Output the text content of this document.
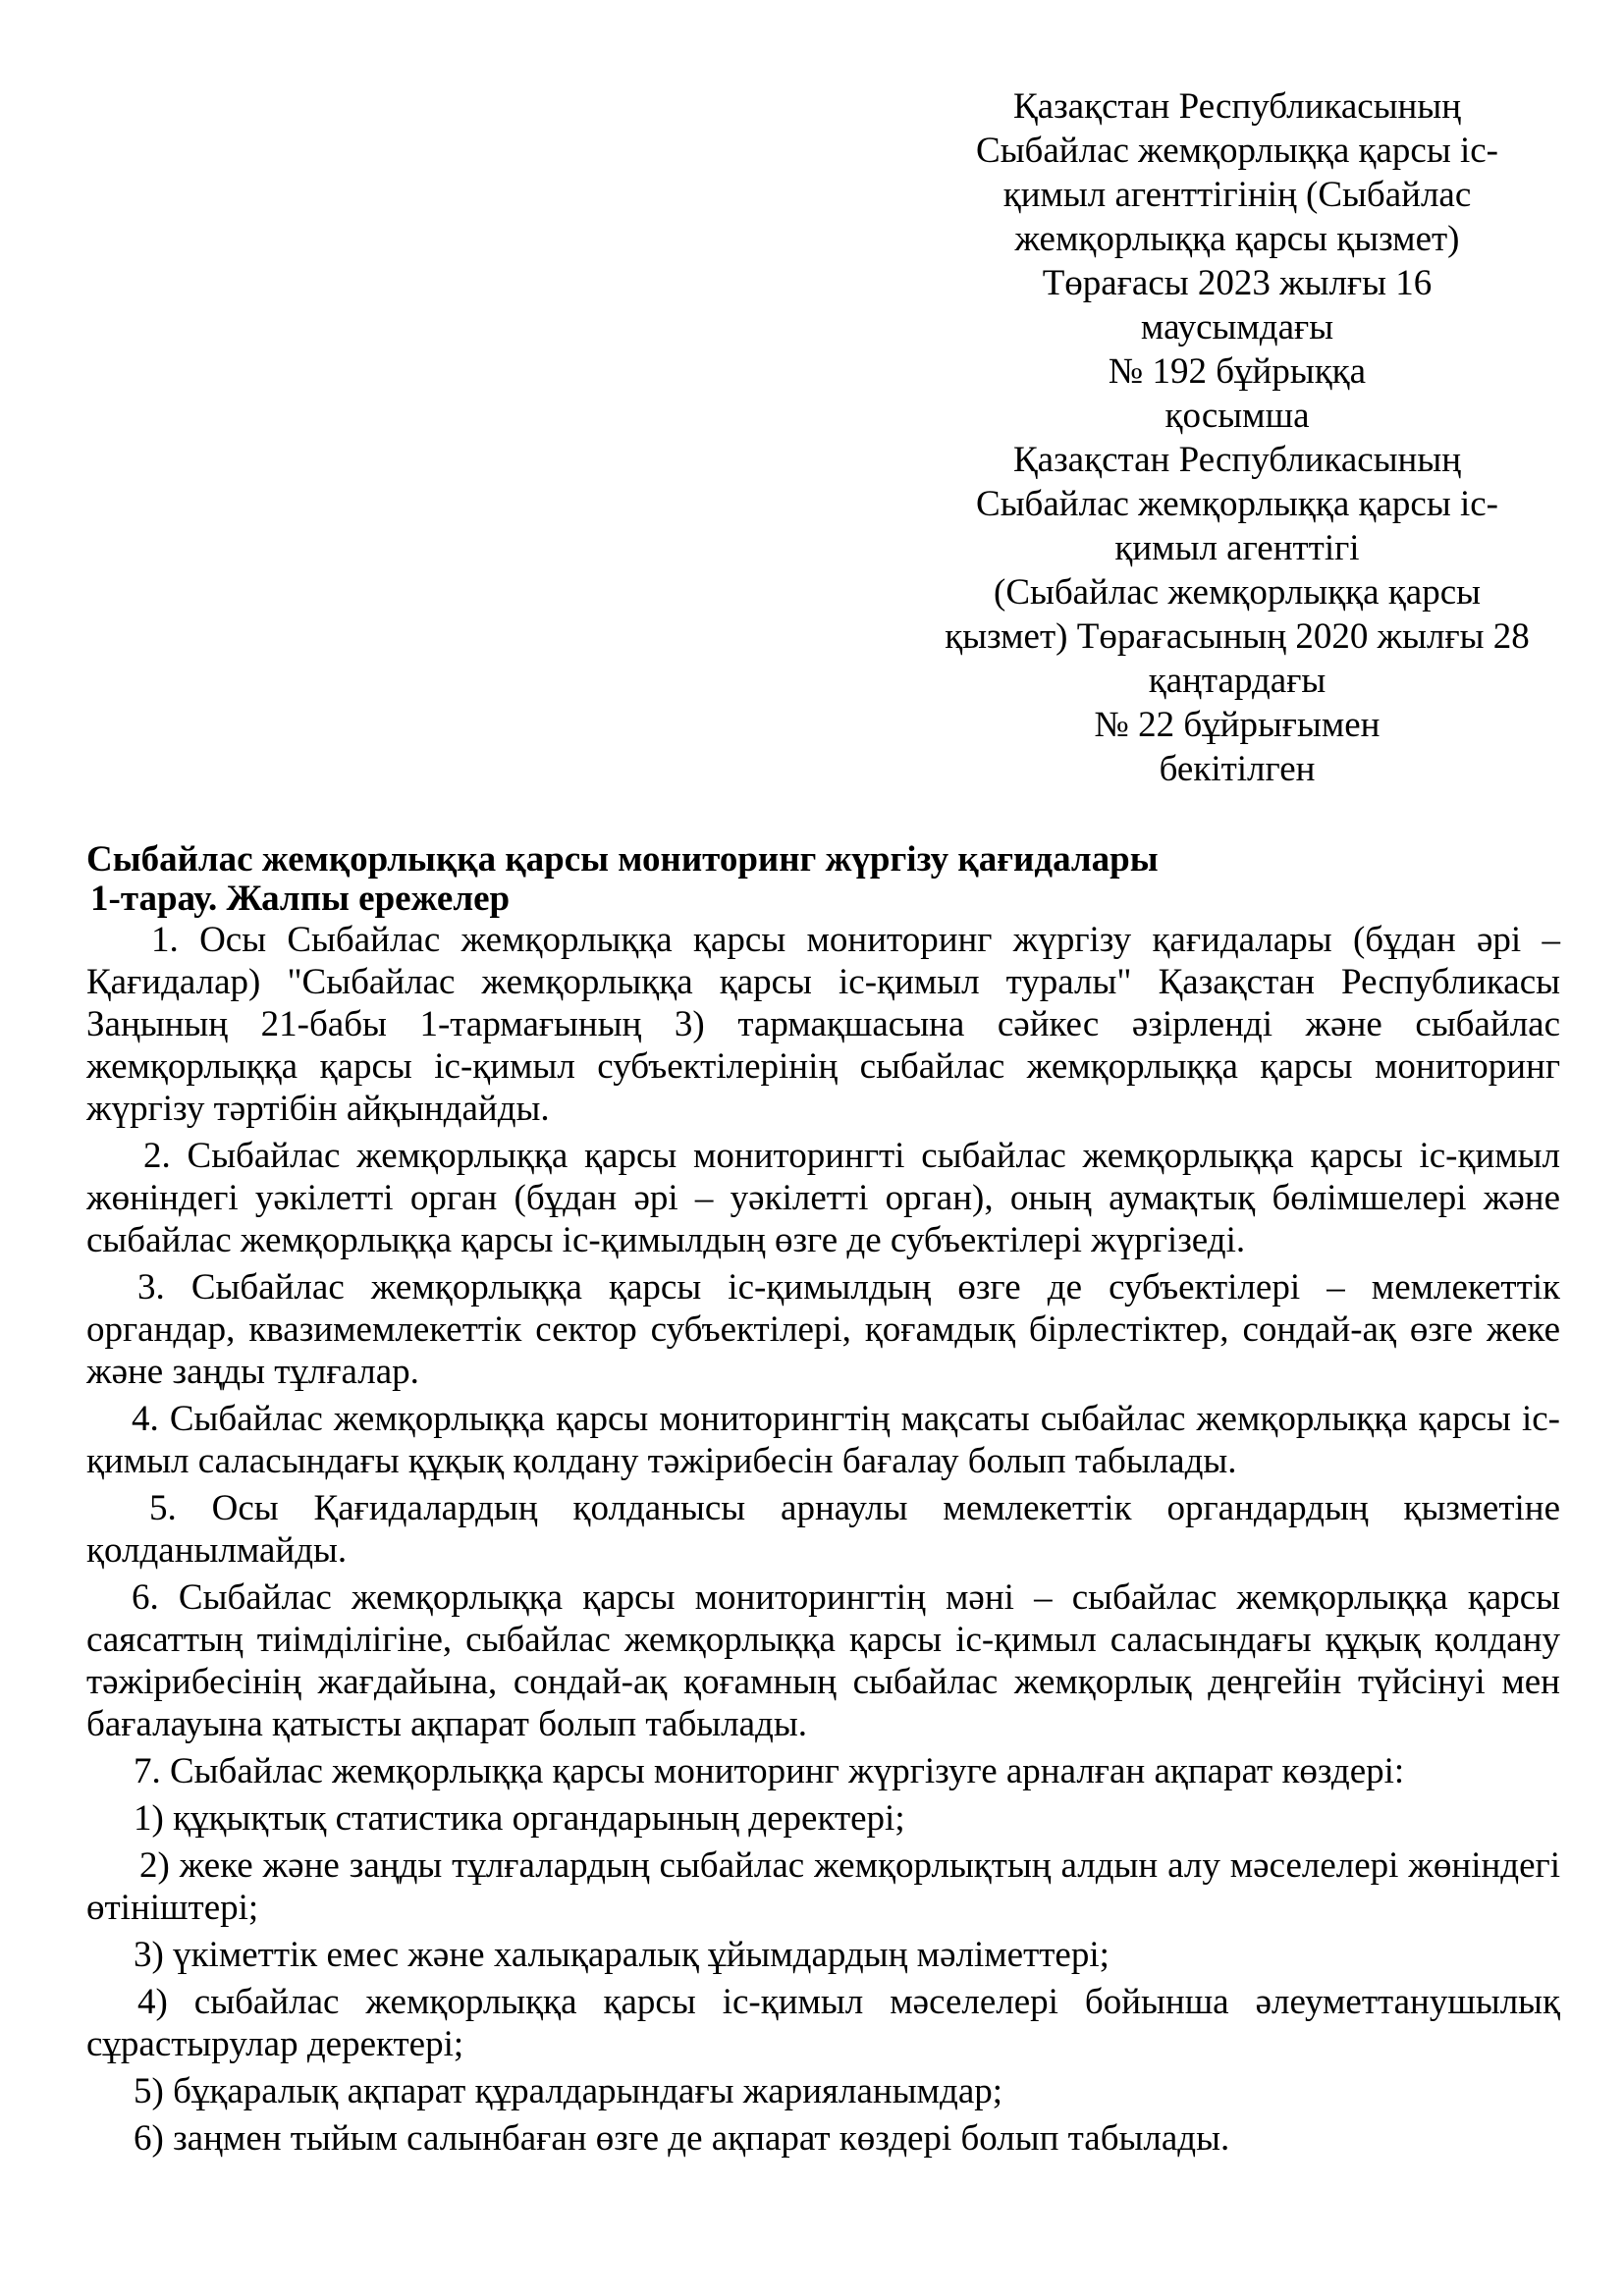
Қазақстан Республикасының
Сыбайлас жемқорлыққа қарсы іс-
қимыл агенттігінің (Сыбайлас
жемқорлыққа қарсы қызмет)
Төрағасы 2023 жылғы 16
маусымдағы
№ 192 бұйрыққа
қосымша
Қазақстан Республикасының
Сыбайлас жемқорлыққа қарсы іс-
қимыл агенттігі
(Сыбайлас жемқорлыққа қарсы
қызмет) Төрағасының 2020 жылғы 28
қаңтардағы
№ 22 бұйрығымен
бекітілген
Сыбайлас жемқорлыққа қарсы мониторинг жүргізу қағидалары
1-тарау. Жалпы ережелер

1. Осы Сыбайлас жемқорлыққа қарсы мониторинг жүргізу қағидалары (бұдан әрі – Қағидалар) "Сыбайлас жемқорлыққа қарсы іс-қимыл туралы" Қазақстан Республикасы Заңының 21-бабы 1-тармағының 3) тармақшасына сәйкес әзірленді және сыбайлас жемқорлыққа қарсы іс-қимыл субъектілерінің сыбайлас жемқорлыққа қарсы мониторинг жүргізу тәртібін айқындайды.

2. Сыбайлас жемқорлыққа қарсы мониторингті сыбайлас жемқорлыққа қарсы іс-қимыл жөніндегі уәкілетті орган (бұдан әрі – уәкілетті орган), оның аумақтық бөлімшелері және сыбайлас жемқорлыққа қарсы іс-қимылдың өзге де субъектілері жүргізеді.

3. Сыбайлас жемқорлыққа қарсы іс-қимылдың өзге де субъектілері – мемлекеттік органдар, квазимемлекеттік сектор субъектілері, қоғамдық бірлестіктер, сондай-ақ өзге жеке және заңды тұлғалар.

4. Сыбайлас жемқорлыққа қарсы мониторингтің мақсаты сыбайлас жемқорлыққа қарсы іс-қимыл саласындағы құқық қолдану тәжірибесін бағалау болып табылады.

5. Осы Қағидалардың қолданысы арнаулы мемлекеттік органдардың қызметіне қолданылмайды.

6. Сыбайлас жемқорлыққа қарсы мониторингтің мәні – сыбайлас жемқорлыққа қарсы саясаттың тиімділігіне, сыбайлас жемқорлыққа қарсы іс-қимыл саласындағы құқық қолдану тәжірибесінің жағдайына, сондай-ақ қоғамның сыбайлас жемқорлық деңгейін түйсінуі мен бағалауына қатысты ақпарат болып табылады.

7. Сыбайлас жемқорлыққа қарсы мониторинг жүргізуге арналған ақпарат көздері:

1) құқықтық статистика органдарының деректері;

2) жеке және заңды тұлғалардың сыбайлас жемқорлықтың алдын алу мәселелері жөніндегі өтініштері;

3) үкіметтік емес және халықаралық ұйымдардың мәліметтері;

4) сыбайлас жемқорлыққа қарсы іс-қимыл мәселелері бойынша әлеуметтанушылық сұрастырулар деректері;

5) бұқаралық ақпарат құралдарындағы жарияланымдар;

6) заңмен тыйым салынбаған өзге де ақпарат көздері болып табылады.
